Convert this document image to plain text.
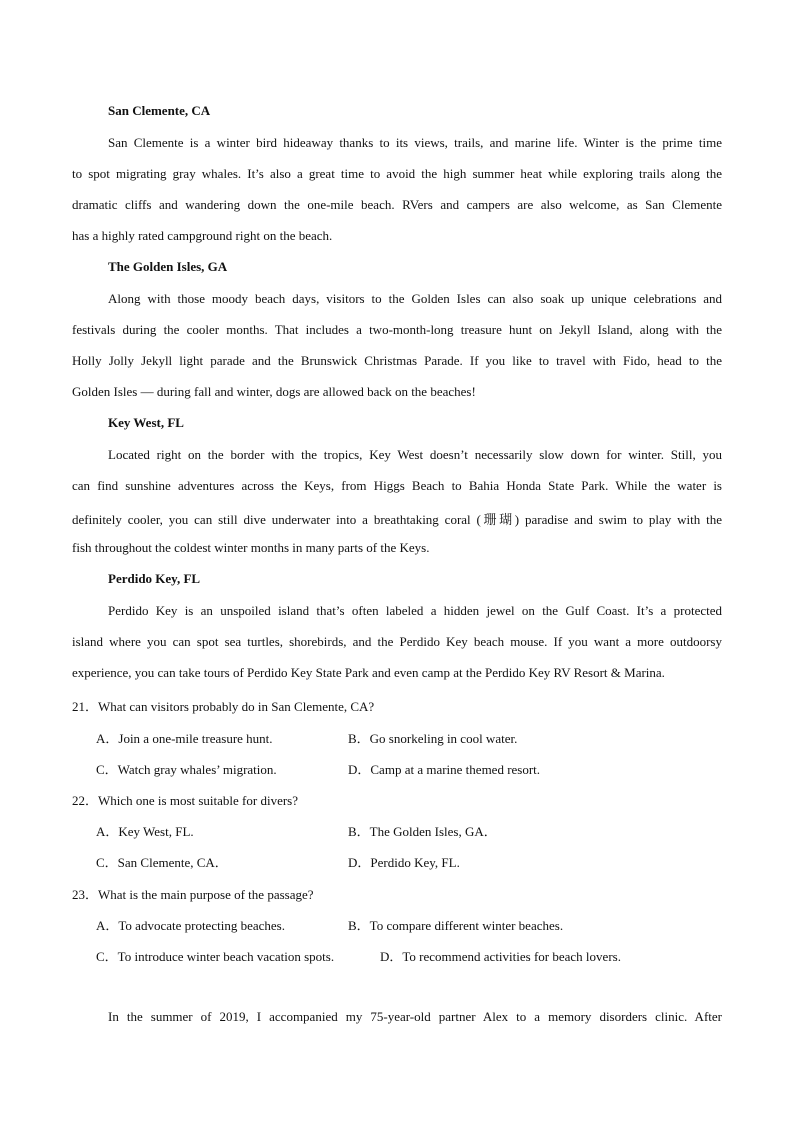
San Clemente, CA
San Clemente is a winter bird hideaway thanks to its views, trails, and marine life. Winter is the prime time
to spot migrating gray whales. It’s also a great time to avoid the high summer heat while exploring trails along the
dramatic cliffs and wandering down the one-mile beach. RVers and campers are also welcome, as San Clemente
has a highly rated campground right on the beach.
The Golden Isles, GA
Along with those moody beach days, visitors to the Golden Isles can also soak up unique celebrations and
festivals during the cooler months. That includes a two-month-long treasure hunt on Jekyll Island, along with the
Holly Jolly Jekyll light parade and the Brunswick Christmas Parade. If you like to travel with Fido, head to the
Golden Isles — during fall and winter, dogs are allowed back on the beaches!
Key West, FL
Located right on the border with the tropics, Key West doesn’t necessarily slow down for winter. Still, you
can find sunshine adventures across the Keys, from Higgs Beach to Bahia Honda State Park. While the water is
definitely cooler, you can still dive underwater into a breathtaking coral (珊瑚) paradise and swim to play with the
fish throughout the coldest winter months in many parts of the Keys.
Perdido Key, FL
Perdido Key is an unspoiled island that’s often labeled a hidden jewel on the Gulf Coast. It’s a protected
island where you can spot sea turtles, shorebirds, and the Perdido Key beach mouse. If you want a more outdoorsy
experience, you can take tours of Perdido Key State Park and even camp at the Perdido Key RV Resort & Marina.
21．What can visitors probably do in San Clemente, CA?
A．Join a one-mile treasure hunt.	B．Go snorkeling in cool water.
C．Watch gray whales’ migration.	D．Camp at a marine themed resort.
22．Which one is most suitable for divers?
A．Key West, FL.	B．The Golden Isles, GA．
C．San Clemente, CA．	D．Perdido Key, FL.
23．What is the main purpose of the passage?
A．To advocate protecting beaches.	B．To compare different winter beaches.
C．To introduce winter beach vacation spots.	D．To recommend activities for beach lovers.
In the summer of 2019, I accompanied my 75-year-old partner Alex to a memory disorders clinic. After
